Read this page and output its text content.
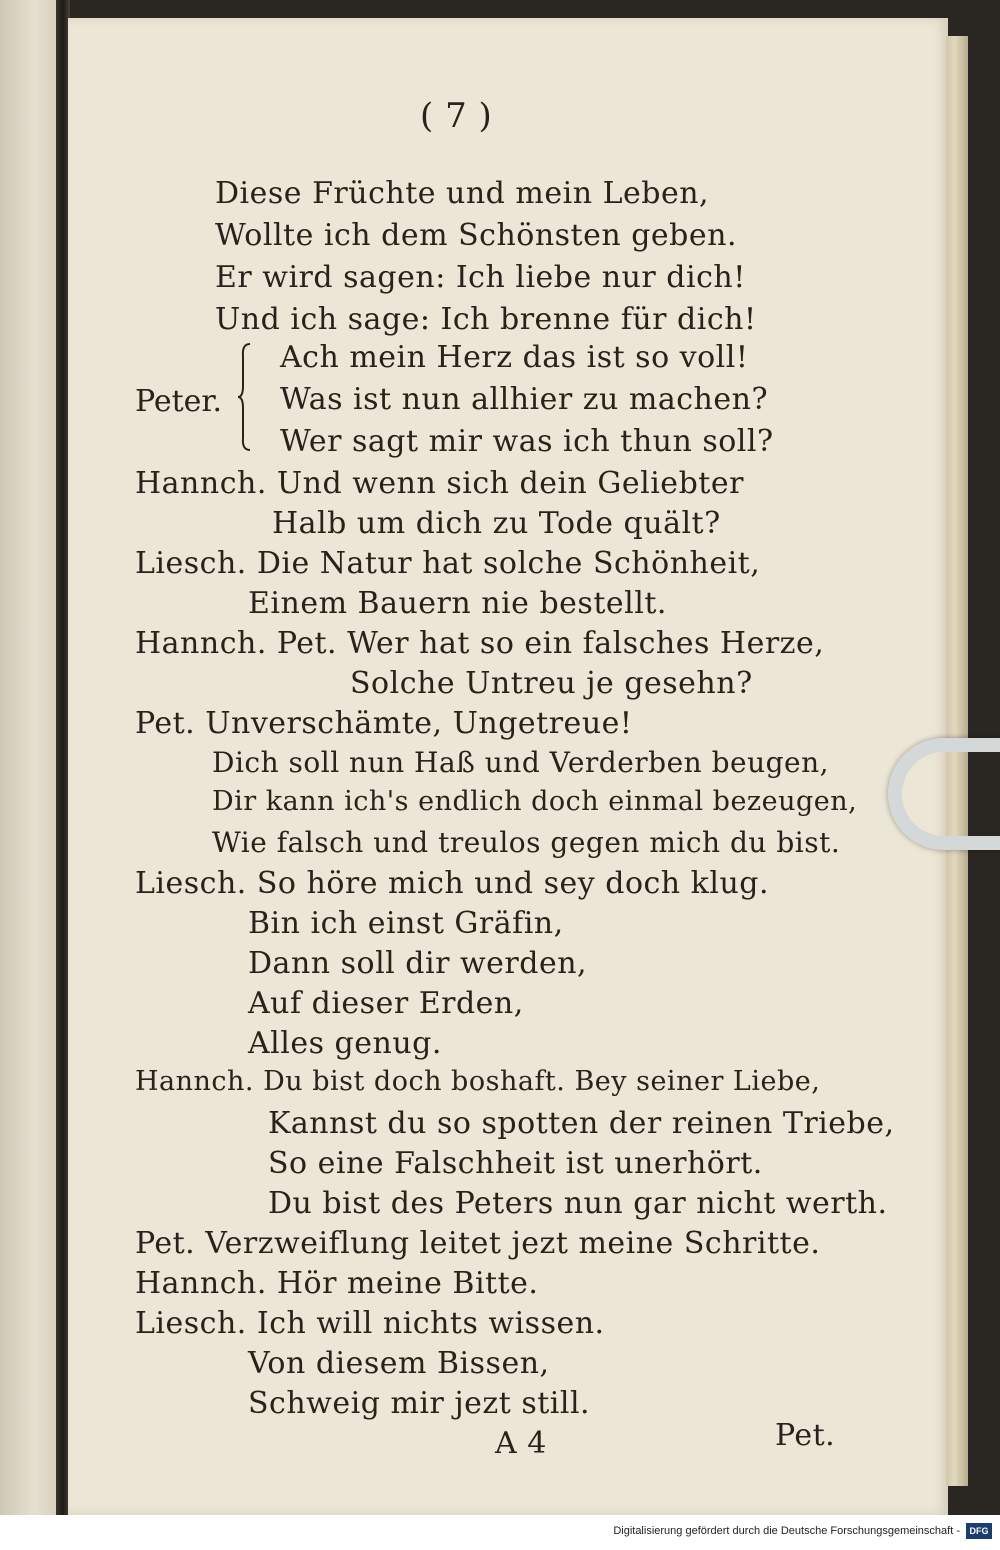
( 7 )
Diese Früchte und mein Leben,
Wollte ich dem Schönsten geben.
Er wird sagen: Ich liebe nur dich!
Und ich sage: Ich brenne für dich!
Peter.
Ach mein Herz das ist so voll!
Was ist nun allhier zu machen?
Wer sagt mir was ich thun soll?
Hannch. Und wenn sich dein Geliebter
Halb um dich zu Tode quält?
Liesch. Die Natur hat solche Schönheit,
Einem Bauern nie bestellt.
Hannch. Pet. Wer hat so ein falsches Herze,
Solche Untreu je gesehn?
Pet. Unverschämte, Ungetreue!
Dich soll nun Haß und Verderben beugen,
Dir kann ich's endlich doch einmal bezeugen,
Wie falsch und treulos gegen mich du bist.
Liesch. So höre mich und sey doch klug.
Bin ich einst Gräfin,
Dann soll dir werden,
Auf dieser Erden,
Alles genug.
Hannch. Du bist doch boshaft. Bey seiner Liebe,
Kannst du so spotten der reinen Triebe,
So eine Falschheit ist unerhört.
Du bist des Peters nun gar nicht werth.
Pet. Verzweiflung leitet jezt meine Schritte.
Hannch. Hör meine Bitte.
Liesch. Ich will nichts wissen.
Von diesem Bissen,
Schweig mir jezt still.
A 4	Pet.
Digitalisierung gefördert durch die Deutsche Forschungsgemeinschaft -	DFG
